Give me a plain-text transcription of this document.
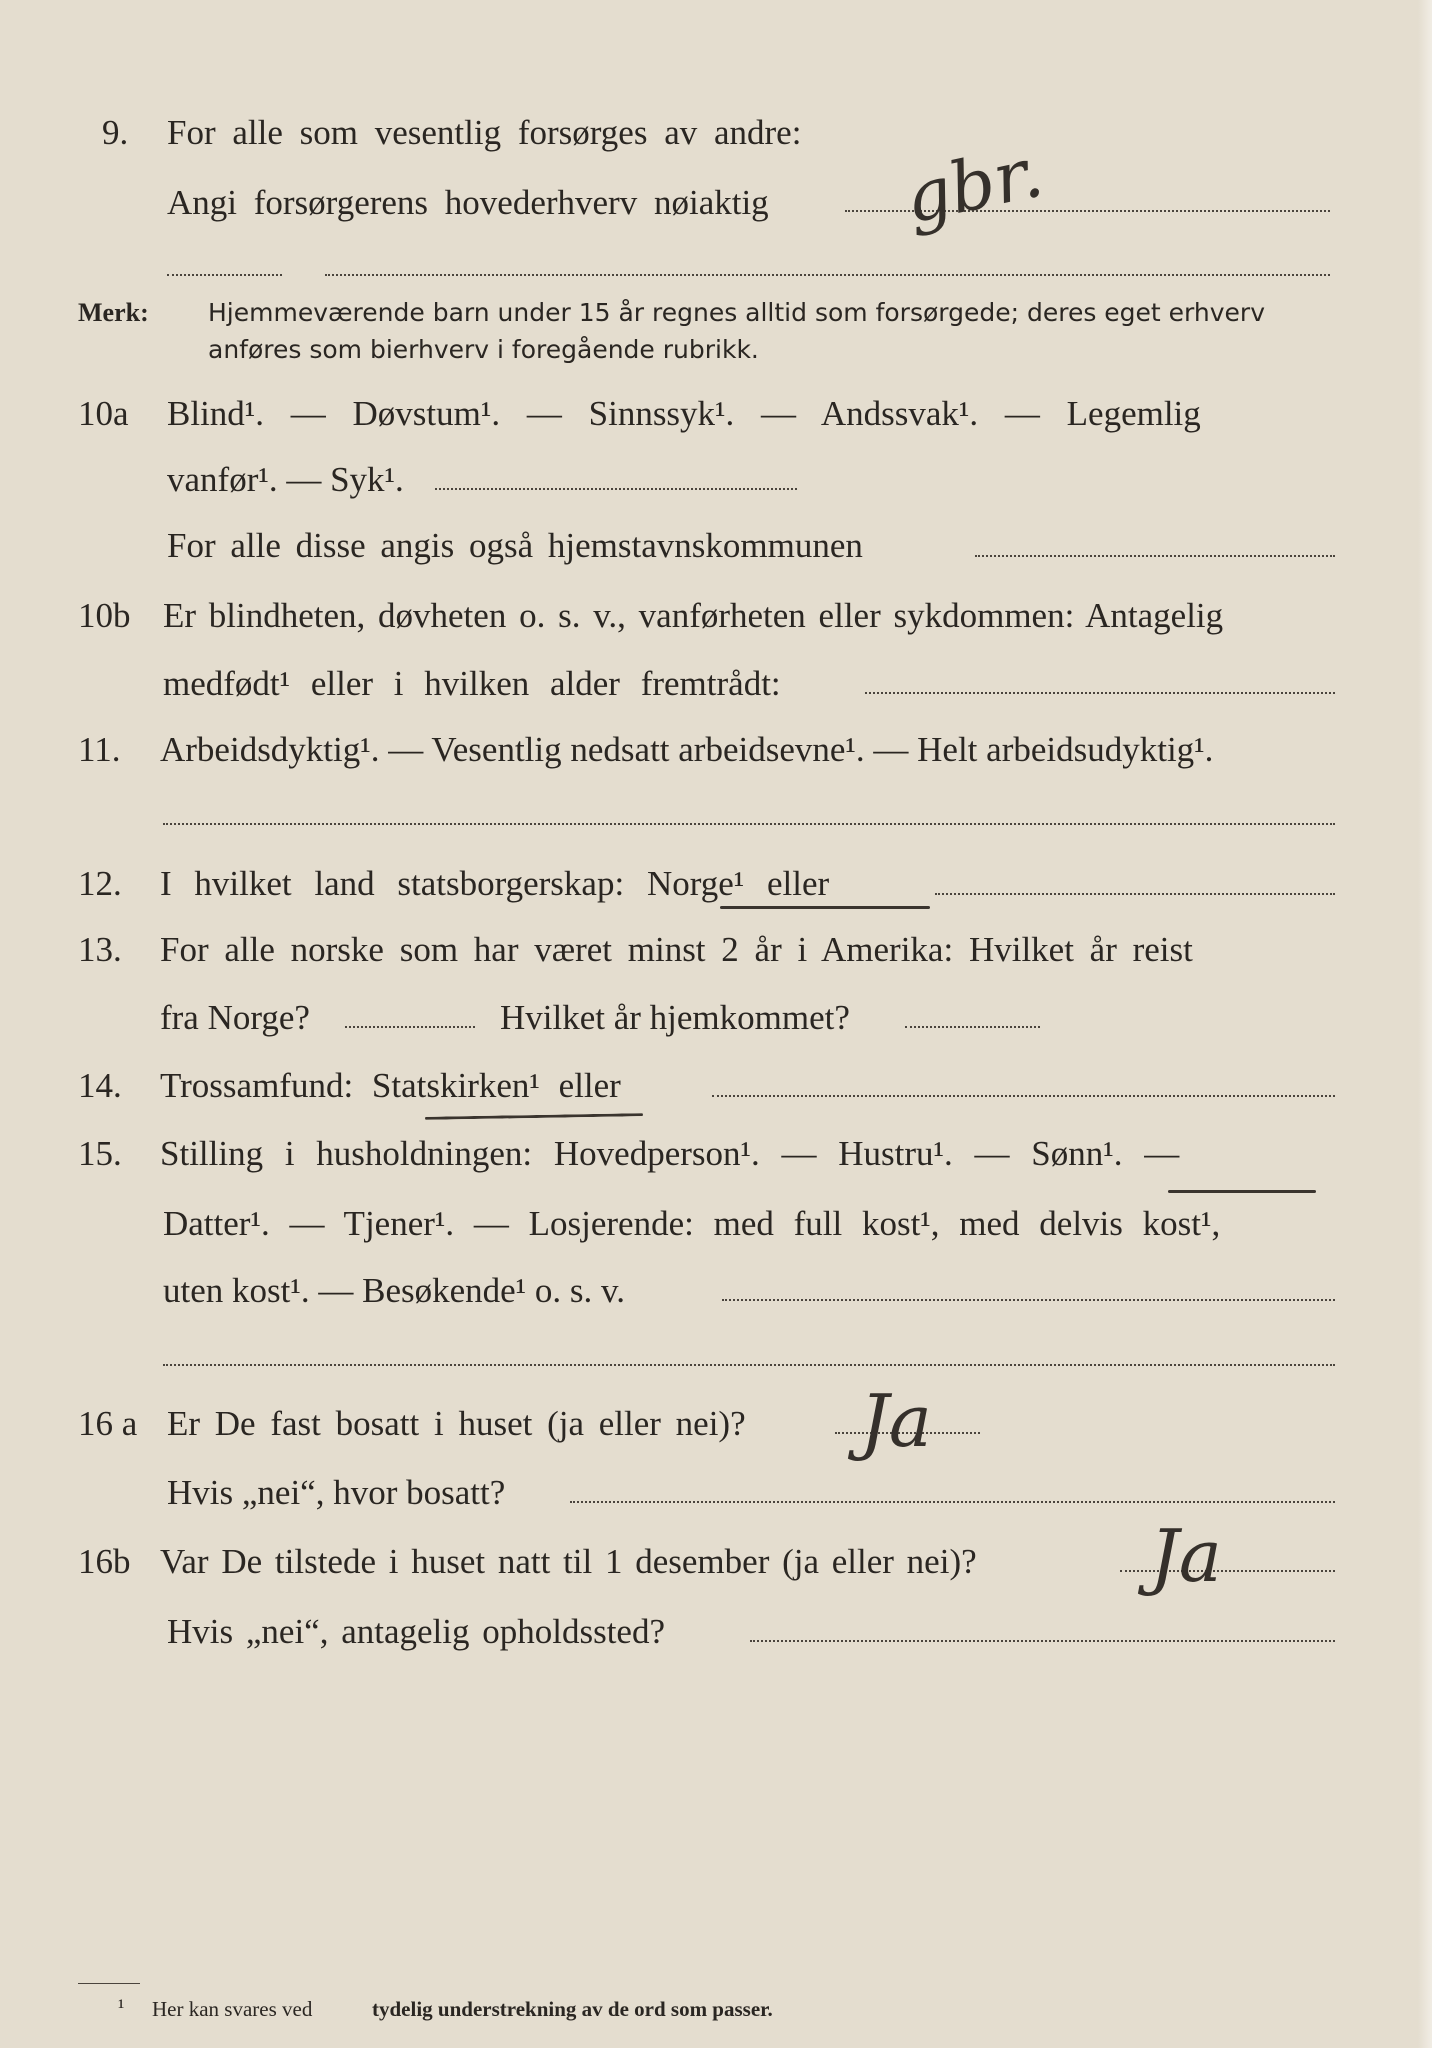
9. For alle som vesentlig forsørges av andre:
Angi forsørgerens hovederhverv nøiaktig gbr.
Merk: Hjemmeværende barn under 15 år regnes alltid som forsørgede; deres eget erhverv
anføres som bierhverv i foregående rubrikk.
10a Blind¹. — Døvstum¹. — Sinnssyk¹. — Andssvak¹. — Legemlig
vanfør¹. — Syk¹.
For alle disse angis også hjemstavnskommunen
10b Er blindheten, døvheten o. s. v., vanførheten eller sykdommen: Antagelig
medfødt¹ eller i hvilken alder fremtrådt:
11. Arbeidsdyktig¹. — Vesentlig nedsatt arbeidsevne¹. — Helt arbeidsudyktig¹.
12. I hvilket land statsborgerskap: Norge¹ eller
13. For alle norske som har været minst 2 år i Amerika: Hvilket år reist
fra Norge?	Hvilket år hjemkommet?
14. Trossamfund: Statskirken¹ eller
15. Stilling i husholdningen: Hovedperson¹. — Hustru¹. — Sønn¹. —
Datter¹. — Tjener¹. — Losjerende: med full kost¹, med delvis kost¹,
uten kost¹. — Besøkende¹ o. s. v.
16 a Er De fast bosatt i huset (ja eller nei)? Ja
Hvis „nei“, hvor bosatt?
16b Var De tilstede i huset natt til 1 desember (ja eller nei)? Ja
Hvis „nei“, antagelig opholdssted?
¹ Her kan svares ved	tydelig understrekning av de ord som passer.
